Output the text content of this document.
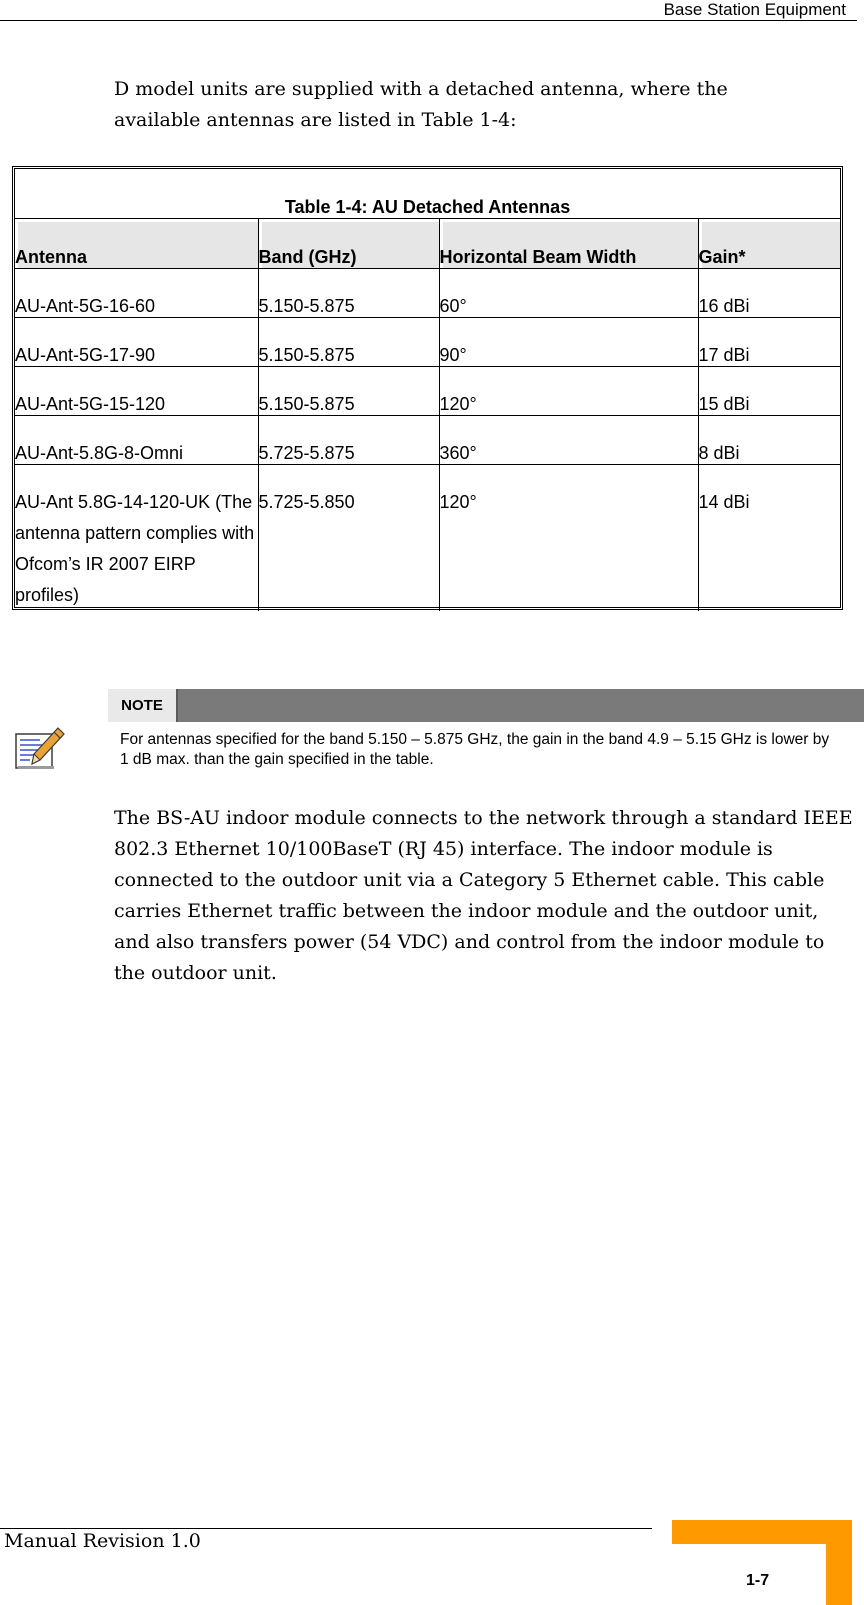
Base Station Equipment
D model units are supplied with a detached antenna, where the available antennas are listed in Table 1-4:
Table 1-4: AU Detached Antennas			
Antenna	Band (GHz)	Horizontal Beam Width	Gain*
AU-Ant-5G-16-60	5.150-5.875	60°	16 dBi
AU-Ant-5G-17-90	5.150-5.875	90°	17 dBi
AU-Ant-5G-15-120	5.150-5.875	120°	15 dBi
AU-Ant-5.8G-8-Omni	5.725-5.875	360°	8 dBi
AU-Ant 5.8G-14-120-UK (The antenna pattern complies with Ofcom’s IR 2007 EIRP profiles)	5.725-5.850	120°	14 dBi
NOTE
For antennas specified for the band 5.150 – 5.875 GHz, the gain in the band 4.9 – 5.15 GHz is lower by 1 dB max. than the gain specified in the table.
The BS-AU indoor module connects to the network through a standard IEEE 802.3 Ethernet 10/100BaseT (RJ 45) interface. The indoor module is connected to the outdoor unit via a Category 5 Ethernet cable. This cable carries Ethernet traffic between the indoor module and the outdoor unit, and also transfers power (54 VDC) and control from the indoor module to the outdoor unit.
Manual Revision 1.0
1-7
